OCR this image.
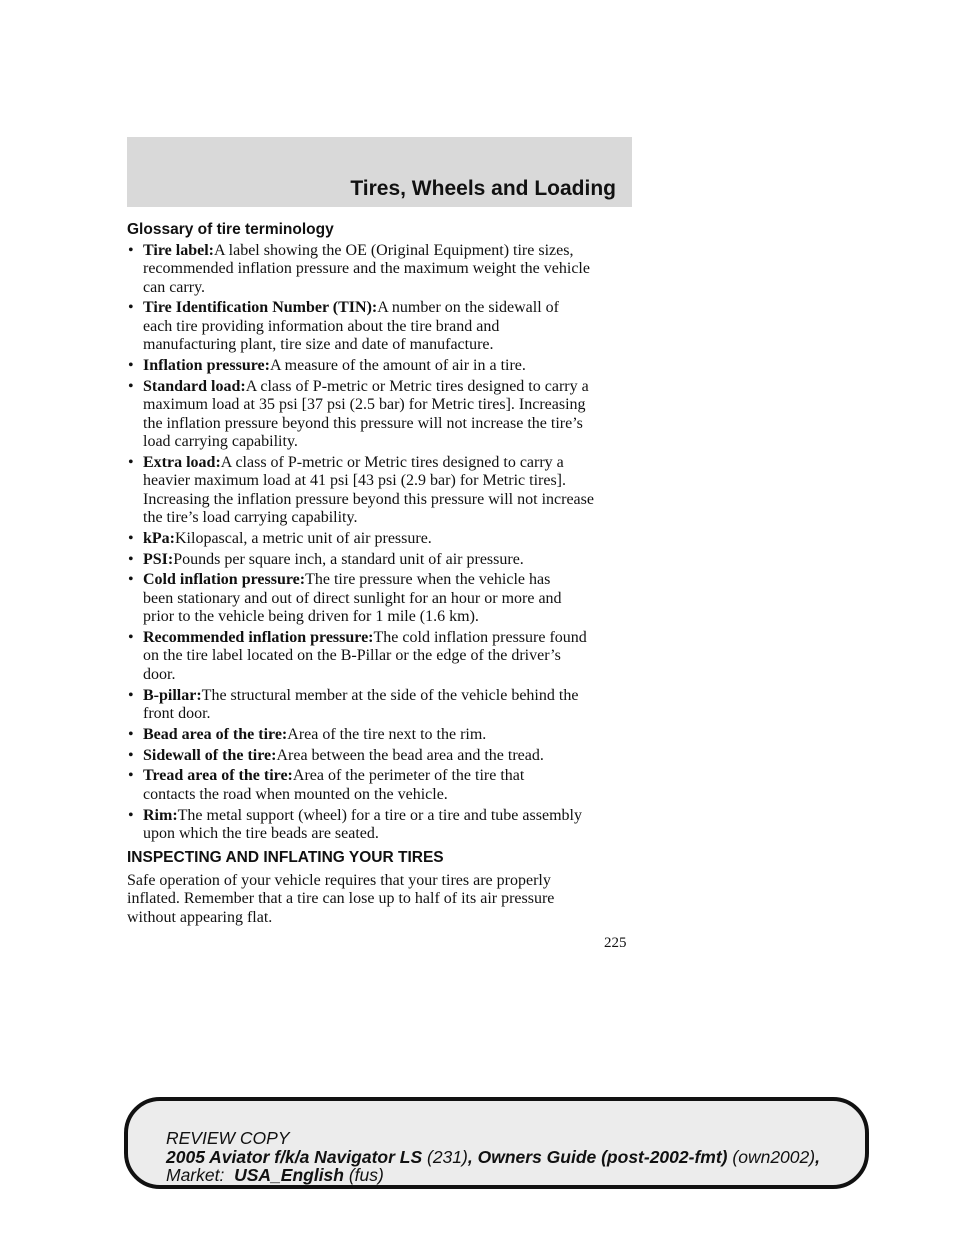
Tires, Wheels and Loading
Glossary of tire terminology
• Tire label:A label showing the OE (Original Equipment) tire sizes,
recommended inflation pressure and the maximum weight the vehicle
can carry.
• Tire Identification Number (TIN):A number on the sidewall of
each tire providing information about the tire brand and
manufacturing plant, tire size and date of manufacture.
• Inflation pressure:A measure of the amount of air in a tire.
• Standard load:A class of P-metric or Metric tires designed to carry a
maximum load at 35 psi [37 psi (2.5 bar) for Metric tires]. Increasing
the inflation pressure beyond this pressure will not increase the tire’s
load carrying capability.
• Extra load:A class of P-metric or Metric tires designed to carry a
heavier maximum load at 41 psi [43 psi (2.9 bar) for Metric tires].
Increasing the inflation pressure beyond this pressure will not increase
the tire’s load carrying capability.
• kPa:Kilopascal, a metric unit of air pressure.
• PSI:Pounds per square inch, a standard unit of air pressure.
• Cold inflation pressure:The tire pressure when the vehicle has
been stationary and out of direct sunlight for an hour or more and
prior to the vehicle being driven for 1 mile (1.6 km).
• Recommended inflation pressure:The cold inflation pressure found
on the tire label located on the B-Pillar or the edge of the driver’s
door.
• B-pillar:The structural member at the side of the vehicle behind the
front door.
• Bead area of the tire:Area of the tire next to the rim.
• Sidewall of the tire:Area between the bead area and the tread.
• Tread area of the tire:Area of the perimeter of the tire that
contacts the road when mounted on the vehicle.
• Rim:The metal support (wheel) for a tire or a tire and tube assembly
upon which the tire beads are seated.
INSPECTING AND INFLATING YOUR TIRES
Safe operation of your vehicle requires that your tires are properly
inflated. Remember that a tire can lose up to half of its air pressure
without appearing flat.
225
REVIEW COPY
2005 Aviator f/k/a Navigator LS (231), Owners Guide (post-2002-fmt) (own2002),
Market: USA_English (fus)
